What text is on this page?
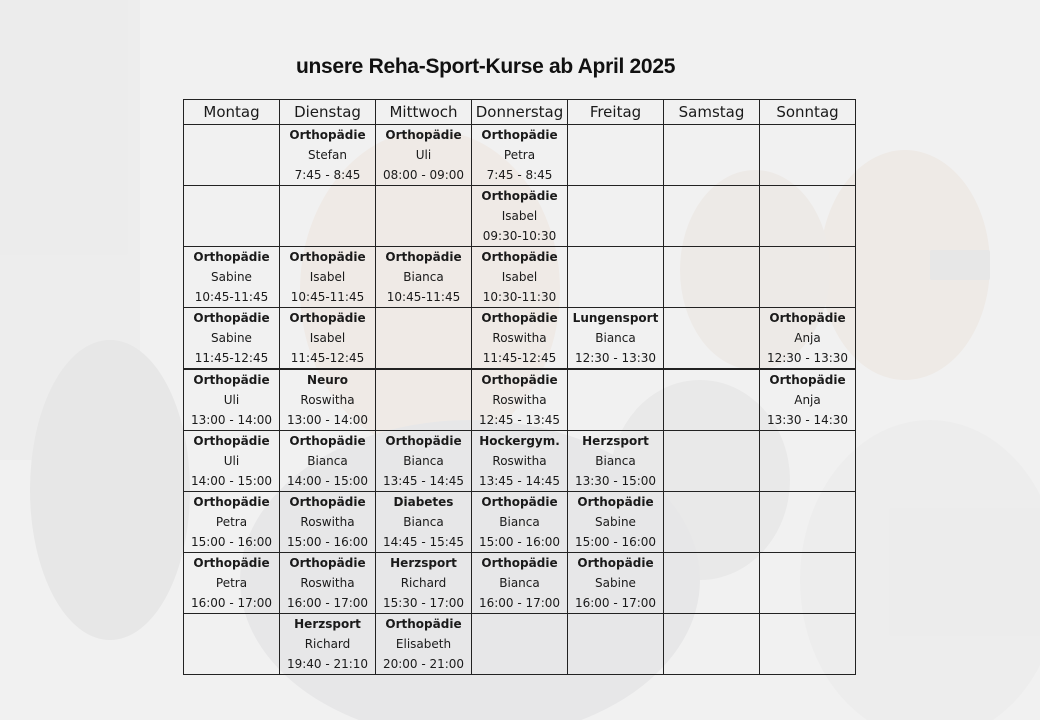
unsere Reha-Sport-Kurse ab April 2025
Montag	Dienstag	Mittwoch	Donnerstag	Freitag	Samstag	Sonntag

	Orthopädie
Stefan
7:45 - 8:45	Orthopädie
Uli
08:00 - 09:00	Orthopädie
Petra
7:45 - 8:45			

			Orthopädie
Isabel
09:30-10:30			

Orthopädie
Sabine
10:45-11:45	Orthopädie
Isabel
10:45-11:45	Orthopädie
Bianca
10:45-11:45	Orthopädie
Isabel
10:30-11:30			

Orthopädie
Sabine
11:45-12:45	Orthopädie
Isabel
11:45-12:45		Orthopädie
Roswitha
11:45-12:45	Lungensport
Bianca
12:30 - 13:30		Orthopädie
Anja
12:30 - 13:30

Orthopädie
Uli
13:00 - 14:00	Neuro
Roswitha
13:00 - 14:00		Orthopädie
Roswitha
12:45 - 13:45			Orthopädie
Anja
13:30 - 14:30

Orthopädie
Uli
14:00 - 15:00	Orthopädie
Bianca
14:00 - 15:00	Orthopädie
Bianca
13:45 - 14:45	Hockergym.
Roswitha
13:45 - 14:45	Herzsport
Bianca
13:30 - 15:00		

Orthopädie
Petra
15:00 - 16:00	Orthopädie
Roswitha
15:00 - 16:00	Diabetes
Bianca
14:45 - 15:45	Orthopädie
Bianca
15:00 - 16:00	Orthopädie
Sabine
15:00 - 16:00		

Orthopädie
Petra
16:00 - 17:00	Orthopädie
Roswitha
16:00 - 17:00	Herzsport
Richard
15:30 - 17:00	Orthopädie
Bianca
16:00 - 17:00	Orthopädie
Sabine
16:00 - 17:00		

	Herzsport
Richard
19:40 - 21:10	Orthopädie
Elisabeth
20:00 - 21:00				
